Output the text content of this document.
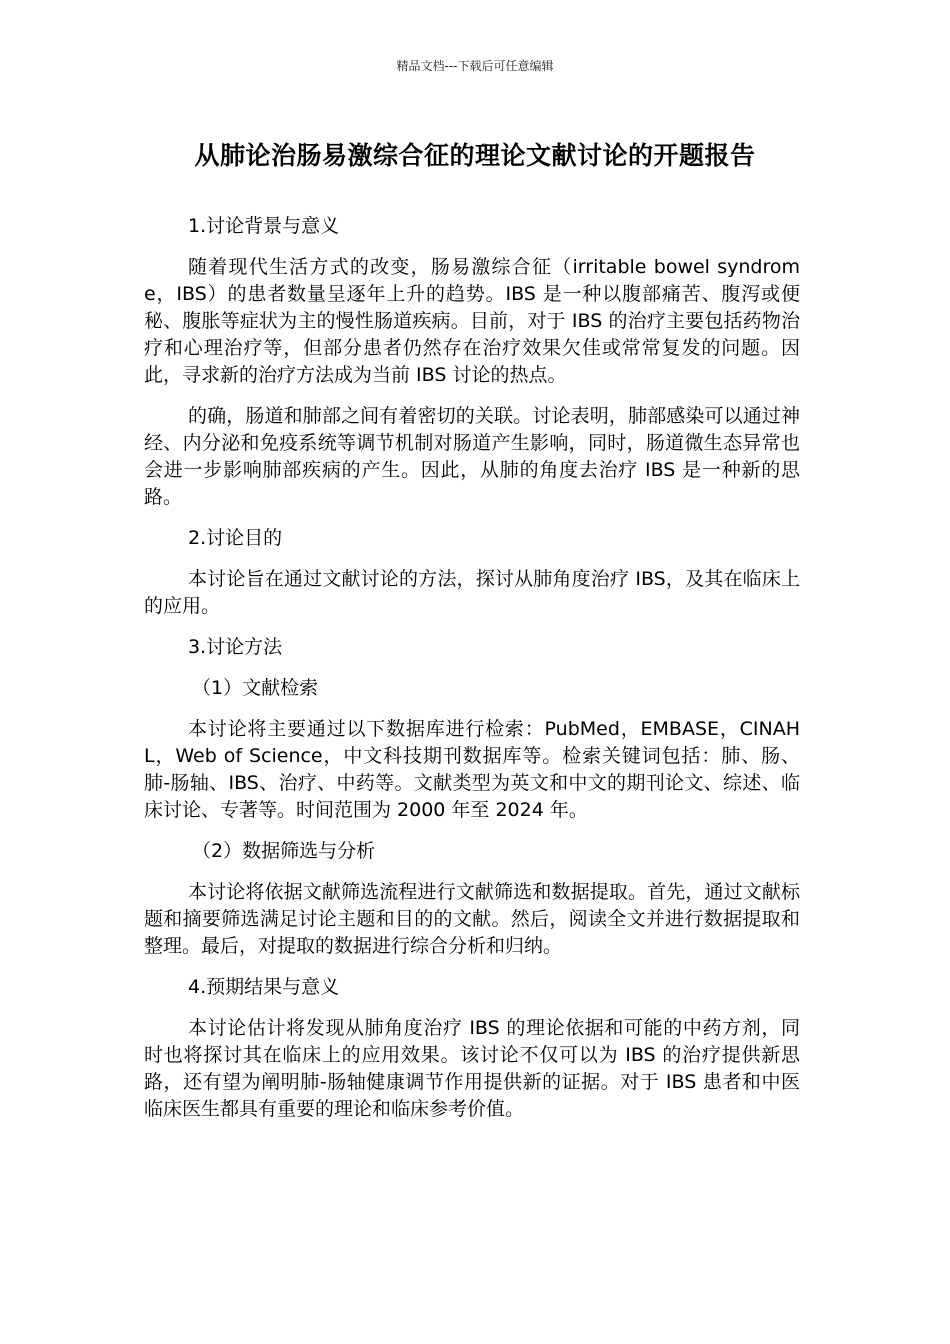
精品文档---下载后可任意编辑
从肺论治肠易激综合征的理论文献讨论的开题报告

1.讨论背景与意义

随着现代生活方式的改变，肠易激综合征（irritable bowel syndrome，IBS）的患者数量呈逐年上升的趋势。IBS 是一种以腹部痛苦、腹泻或便秘、腹胀等症状为主的慢性肠道疾病。目前，对于 IBS 的治疗主要包括药物治疗和心理治疗等，但部分患者仍然存在治疗效果欠佳或常常复发的问题。因此，寻求新的治疗方法成为当前 IBS 讨论的热点。

的确，肠道和肺部之间有着密切的关联。讨论表明，肺部感染可以通过神经、内分泌和免疫系统等调节机制对肠道产生影响，同时，肠道微生态异常也会进一步影响肺部疾病的产生。因此，从肺的角度去治疗 IBS 是一种新的思路。

2.讨论目的

本讨论旨在通过文献讨论的方法，探讨从肺角度治疗 IBS，及其在临床上的应用。

3.讨论方法

（1）文献检索

本讨论将主要通过以下数据库进行检索：PubMed，EMBASE，CINAHL，Web of Science，中文科技期刊数据库等。检索关键词包括：肺、肠、肺-肠轴、IBS、治疗、中药等。文献类型为英文和中文的期刊论文、综述、临床讨论、专著等。时间范围为 2000 年至 2024 年。

（2）数据筛选与分析

本讨论将依据文献筛选流程进行文献筛选和数据提取。首先，通过文献标题和摘要筛选满足讨论主题和目的的文献。然后，阅读全文并进行数据提取和整理。最后，对提取的数据进行综合分析和归纳。

4.预期结果与意义

本讨论估计将发现从肺角度治疗 IBS 的理论依据和可能的中药方剂，同时也将探讨其在临床上的应用效果。该讨论不仅可以为 IBS 的治疗提供新思路，还有望为阐明肺-肠轴健康调节作用提供新的证据。对于 IBS 患者和中医临床医生都具有重要的理论和临床参考价值。
